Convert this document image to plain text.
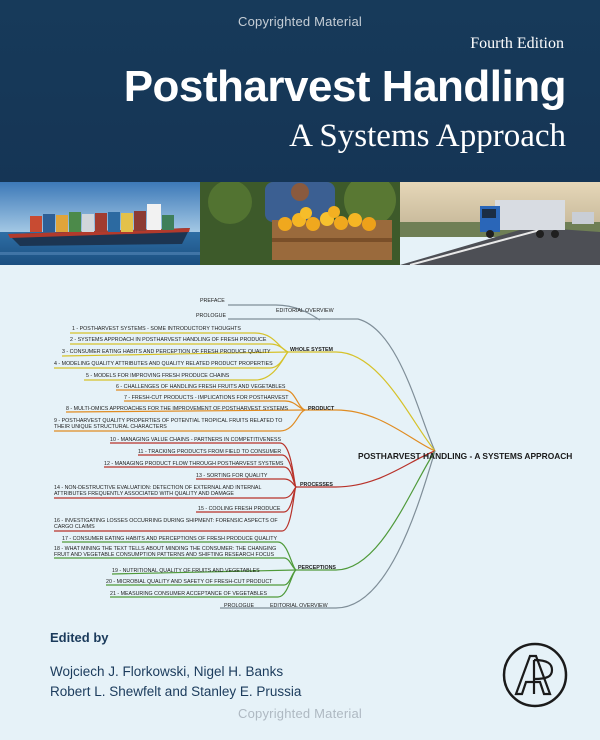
Copyrighted Material
Fourth Edition
Postharvest Handling
A Systems Approach
POSTHARVEST HANDLING - A SYSTEMS APPROACH
PREFACE
PROLOGUE
EDITORIAL OVERVIEW
WHOLE SYSTEM
PRODUCT
PROCESSES
PERCEPTIONS
1 - POSTHARVEST SYSTEMS - SOME INTRODUCTORY THOUGHTS
2 - SYSTEMS APPROACH IN POSTHARVEST HANDLING OF FRESH PRODUCE
3 - CONSUMER EATING HABITS AND PERCEPTION OF FRESH PRODUCE QUALITY
4 - MODELING QUALITY ATTRIBUTES AND QUALITY RELATED PRODUCT PROPERTIES
5 - MODELS FOR IMPROVING FRESH PRODUCE CHAINS
6 - CHALLENGES OF HANDLING FRESH FRUITS AND VEGETABLES
7 - FRESH-CUT PRODUCTS - IMPLICATIONS FOR POSTHARVEST
8 - MULTI-OMICS APPROACHES FOR THE IMPROVEMENT OF POSTHARVEST SYSTEMS
9 - POSTHARVEST QUALITY PROPERTIES OF POTENTIAL TROPICAL FRUITS RELATED TO THEIR UNIQUE STRUCTURAL CHARACTERS
10 - MANAGING VALUE CHAINS - PARTNERS IN COMPETITIVENESS
11 - TRACKING PRODUCTS FROM FIELD TO CONSUMER
12 - MANAGING PRODUCT FLOW THROUGH POSTHARVEST SYSTEMS
13 - SORTING FOR QUALITY
14 - NON-DESTRUCTIVE EVALUATION: DETECTION OF EXTERNAL AND INTERNAL ATTRIBUTES FREQUENTLY ASSOCIATED WITH QUALITY AND DAMAGE
15 - COOLING FRESH PRODUCE
16 - INVESTIGATING LOSSES OCCURRING DURING SHIPMENT: FORENSIC ASPECTS OF CARGO CLAIMS
17 - CONSUMER EATING HABITS AND PERCEPTIONS OF FRESH PRODUCE QUALITY
18 - WHAT MINING THE TEXT TELLS ABOUT MINDING THE CONSUMER: THE CHANGING FRUIT AND VEGETABLE CONSUMPTION PATTERNS AND SHIFTING RESEARCH FOCUS
19 - NUTRITIONAL QUALITY OF FRUITS AND VEGETABLES
20 - MICROBIAL QUALITY AND SAFETY OF FRESH-CUT PRODUCT
21 - MEASURING CONSUMER ACCEPTANCE OF VEGETABLES
PROLOGUE	EDITORIAL OVERVIEW
Edited by
Wojciech J. Florkowski, Nigel H. Banks
Robert L. Shewfelt and Stanley E. Prussia
Copyrighted Material
